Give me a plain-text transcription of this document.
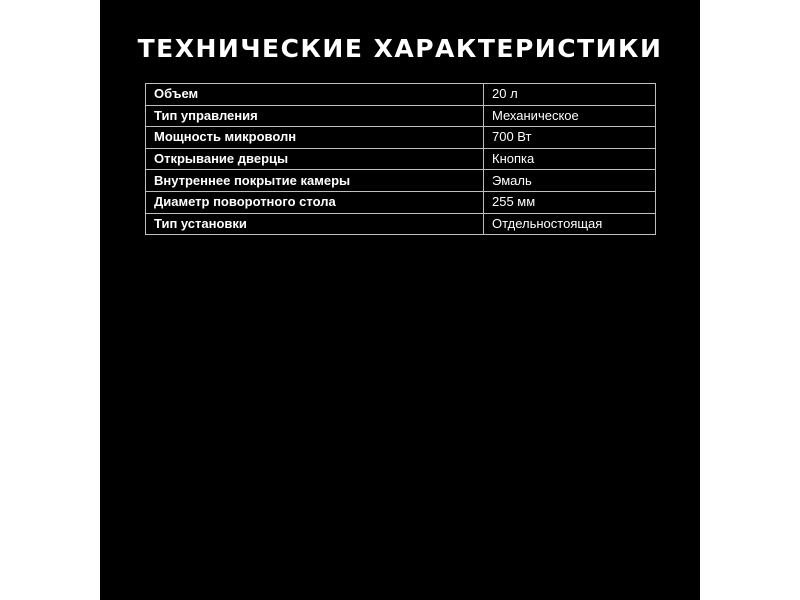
ТЕХНИЧЕСКИЕ ХАРАКТЕРИСТИКИ
Объем	20 л
Тип управления	Механическое
Мощность микроволн	700 Вт
Открывание дверцы	Кнопка
Внутреннее покрытие камеры	Эмаль
Диаметр поворотного стола	255 мм
Тип установки	Отдельностоящая
